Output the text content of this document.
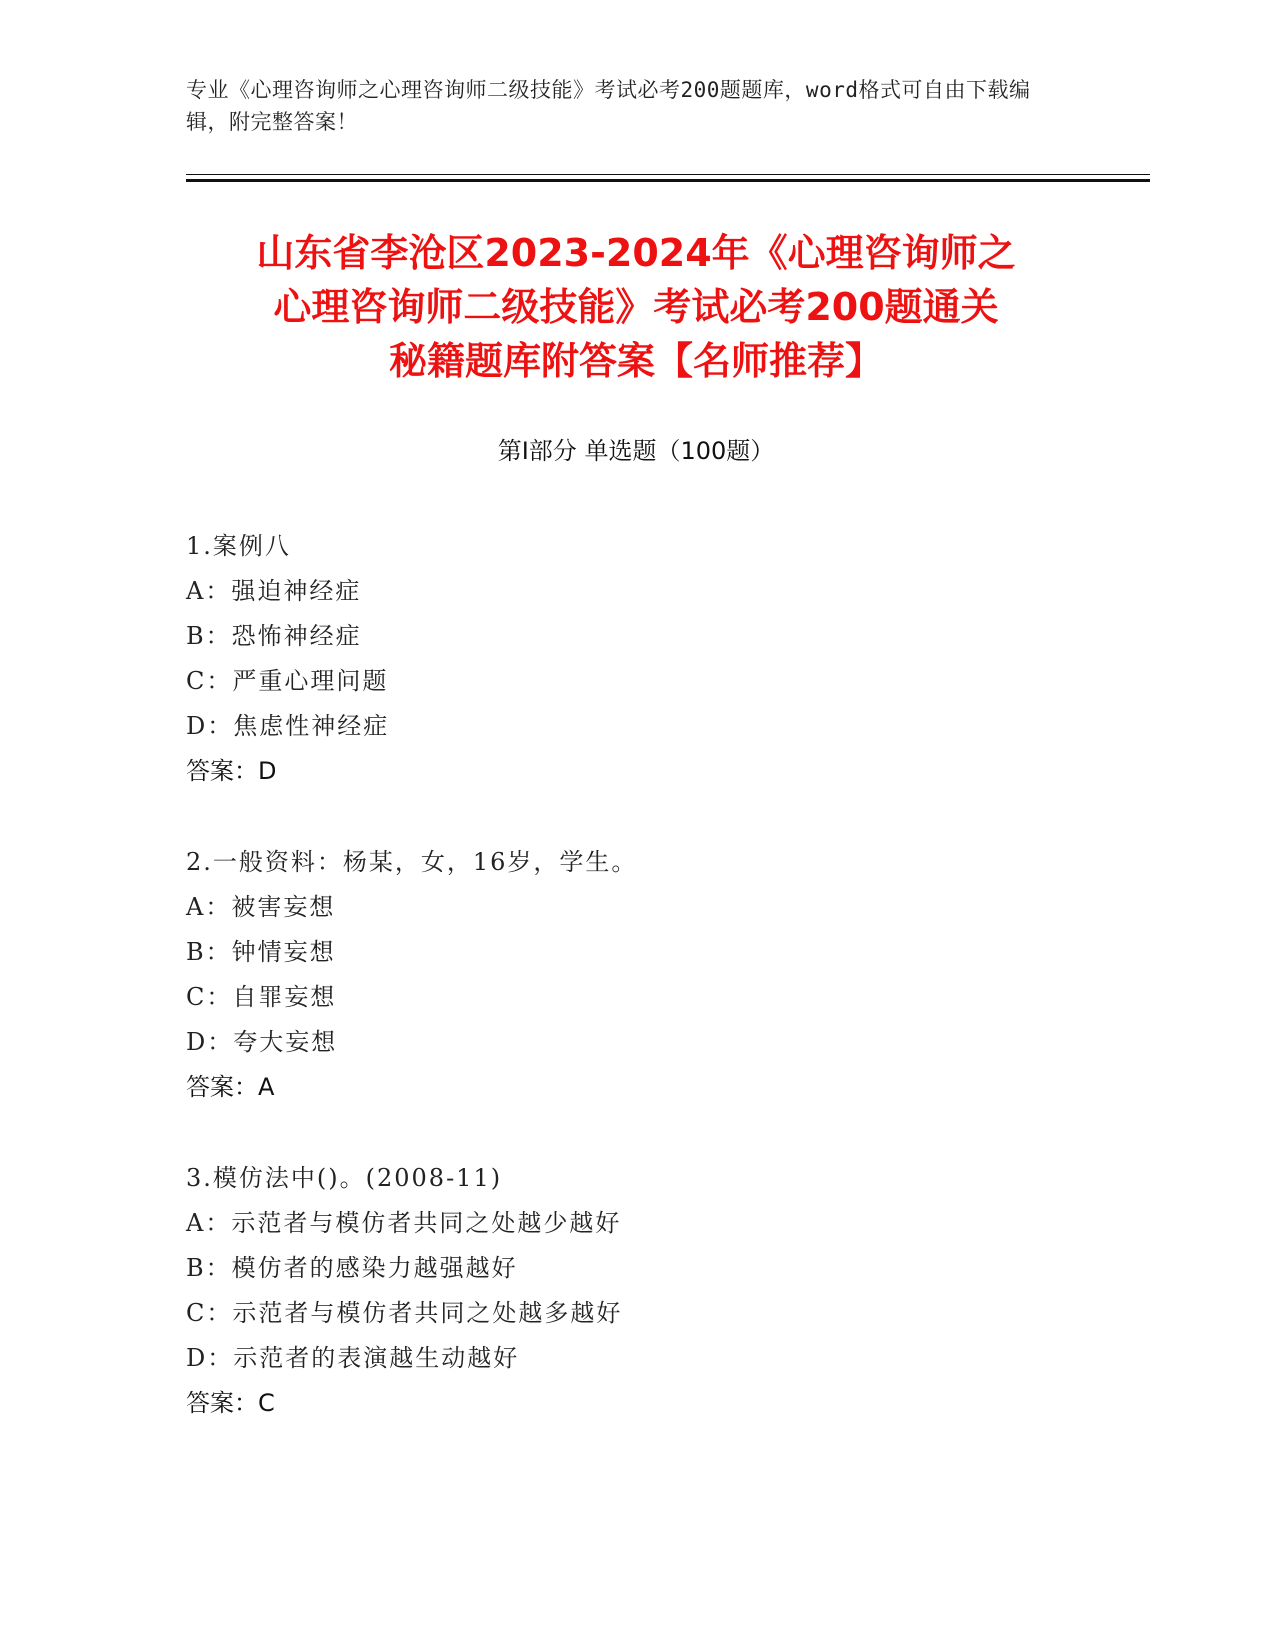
专业《心理咨询师之心理咨询师二级技能》考试必考200题题库，word格式可自由下载编辑，附完整答案！
山东省李沧区2023-2024年《心理咨询师之
心理咨询师二级技能》考试必考200题通关
秘籍题库附答案【名师推荐】
第Ⅰ部分 单选题（100题）
1.案例八
A：强迫神经症
B：恐怖神经症
C：严重心理问题
D：焦虑性神经症
答案：D
2.一般资料：杨某，女，16岁，学生。
A：被害妄想
B：钟情妄想
C：自罪妄想
D：夸大妄想
答案：A
3.模仿法中()。(2008-11)
A：示范者与模仿者共同之处越少越好
B：模仿者的感染力越强越好
C：示范者与模仿者共同之处越多越好
D：示范者的表演越生动越好
答案：C
